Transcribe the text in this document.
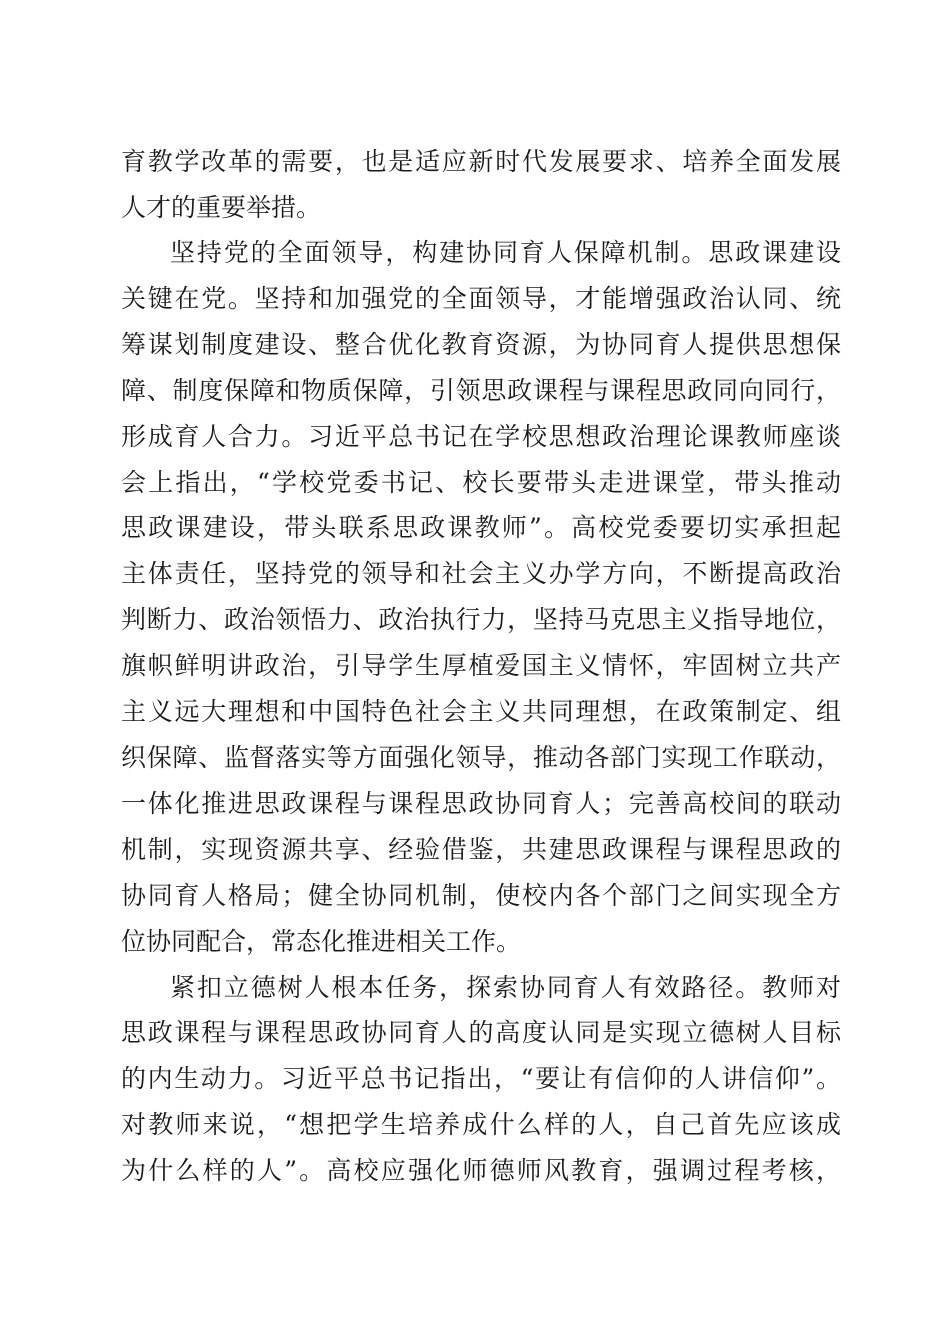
育教学改革的需要，也是适应新时代发展要求、培养全面发展

人才的重要举措。

坚持党的全面领导，构建协同育人保障机制。思政课建设

关键在党。坚持和加强党的全面领导，才能增强政治认同、统

筹谋划制度建设、整合优化教育资源，为协同育人提供思想保

障、制度保障和物质保障，引领思政课程与课程思政同向同行，

形成育人合力。习近平总书记在学校思想政治理论课教师座谈

会上指出，“学校党委书记、校长要带头走进课堂，带头推动

思政课建设，带头联系思政课教师”。高校党委要切实承担起

主体责任，坚持党的领导和社会主义办学方向，不断提高政治

判断力、政治领悟力、政治执行力，坚持马克思主义指导地位，

旗帜鲜明讲政治，引导学生厚植爱国主义情怀，牢固树立共产

主义远大理想和中国特色社会主义共同理想，在政策制定、组

织保障、监督落实等方面强化领导，推动各部门实现工作联动，

一体化推进思政课程与课程思政协同育人；完善高校间的联动

机制，实现资源共享、经验借鉴，共建思政课程与课程思政的

协同育人格局；健全协同机制，使校内各个部门之间实现全方

位协同配合，常态化推进相关工作。

紧扣立德树人根本任务，探索协同育人有效路径。教师对

思政课程与课程思政协同育人的高度认同是实现立德树人目标

的内生动力。习近平总书记指出，“要让有信仰的人讲信仰”。

对教师来说，“想把学生培养成什么样的人，自己首先应该成

为什么样的人”。高校应强化师德师风教育，强调过程考核，
